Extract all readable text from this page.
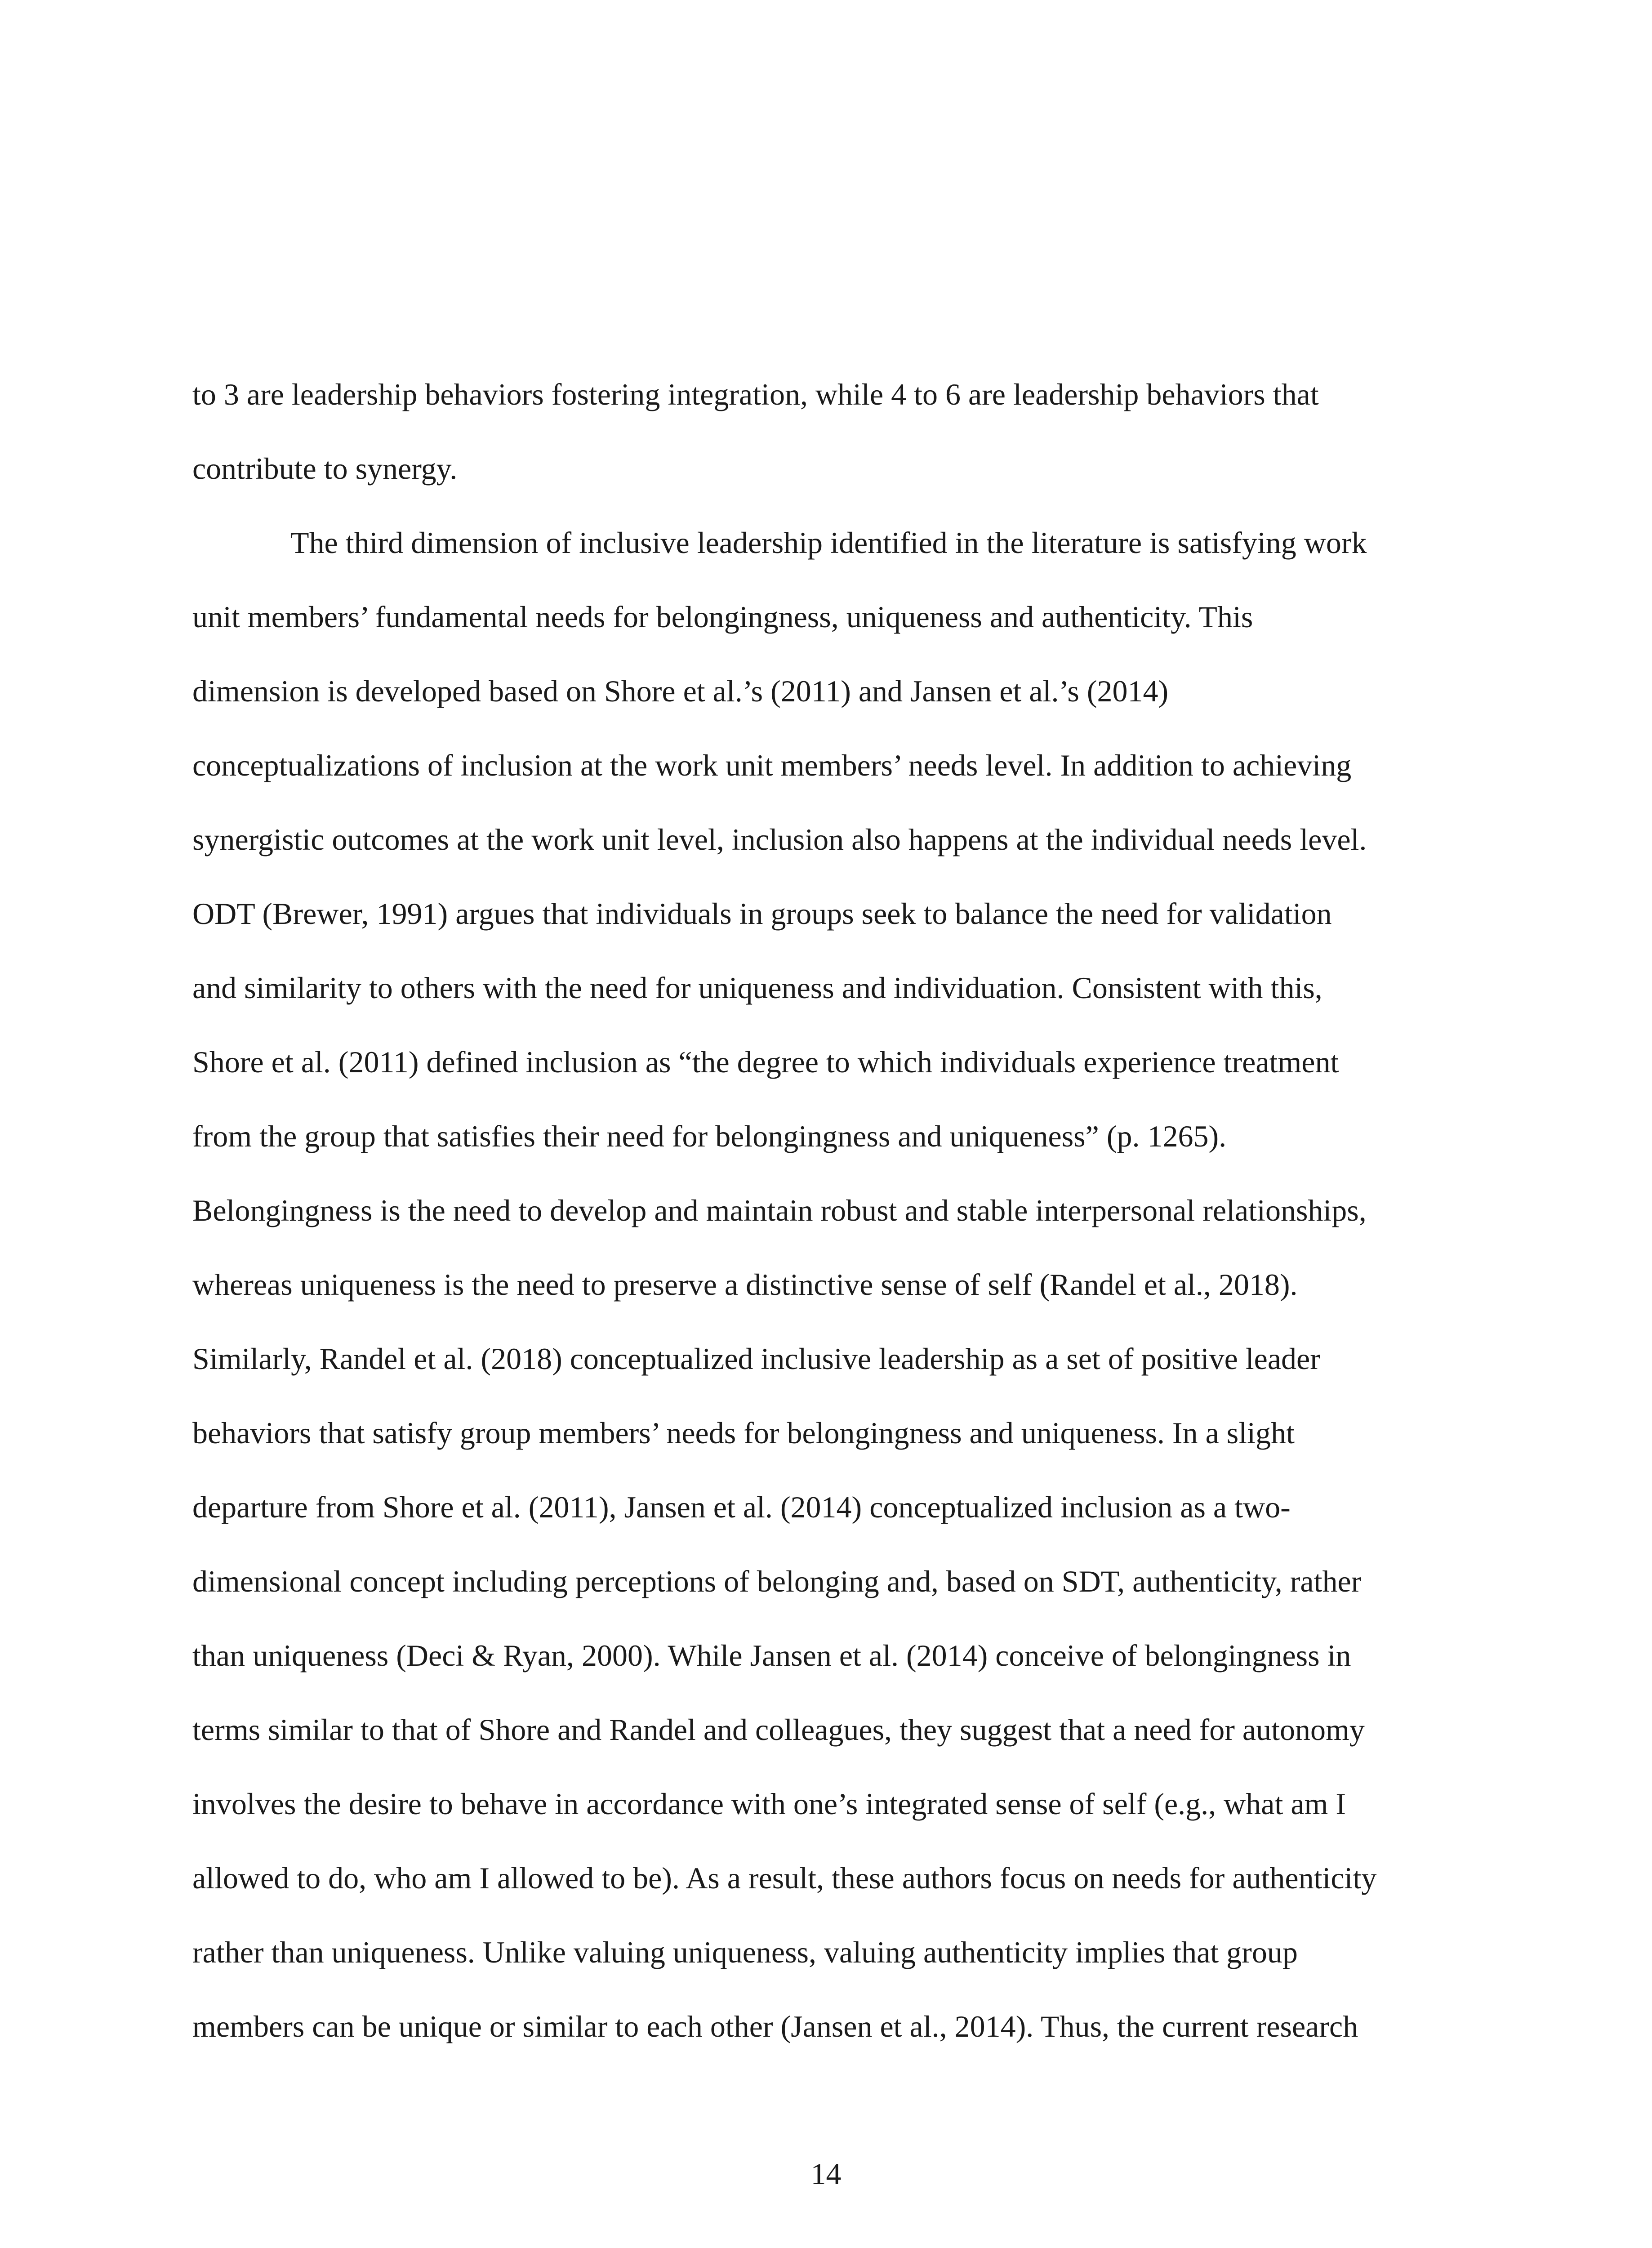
to 3 are leadership behaviors fostering integration, while 4 to 6 are leadership behaviors that
contribute to synergy.
The third dimension of inclusive leadership identified in the literature is satisfying work
unit members’ fundamental needs for belongingness, uniqueness and authenticity. This
dimension is developed based on Shore et al.’s (2011) and Jansen et al.’s (2014)
conceptualizations of inclusion at the work unit members’ needs level. In addition to achieving
synergistic outcomes at the work unit level, inclusion also happens at the individual needs level.
ODT (Brewer, 1991) argues that individuals in groups seek to balance the need for validation
and similarity to others with the need for uniqueness and individuation. Consistent with this,
Shore et al. (2011) defined inclusion as “the degree to which individuals experience treatment
from the group that satisfies their need for belongingness and uniqueness” (p. 1265).
Belongingness is the need to develop and maintain robust and stable interpersonal relationships,
whereas uniqueness is the need to preserve a distinctive sense of self (Randel et al., 2018).
Similarly, Randel et al. (2018) conceptualized inclusive leadership as a set of positive leader
behaviors that satisfy group members’ needs for belongingness and uniqueness. In a slight
departure from Shore et al. (2011), Jansen et al. (2014) conceptualized inclusion as a two-
dimensional concept including perceptions of belonging and, based on SDT, authenticity, rather
than uniqueness (Deci & Ryan, 2000). While Jansen et al. (2014) conceive of belongingness in
terms similar to that of Shore and Randel and colleagues, they suggest that a need for autonomy
involves the desire to behave in accordance with one’s integrated sense of self (e.g., what am I
allowed to do, who am I allowed to be). As a result, these authors focus on needs for authenticity
rather than uniqueness. Unlike valuing uniqueness, valuing authenticity implies that group
members can be unique or similar to each other (Jansen et al., 2014). Thus, the current research
14
